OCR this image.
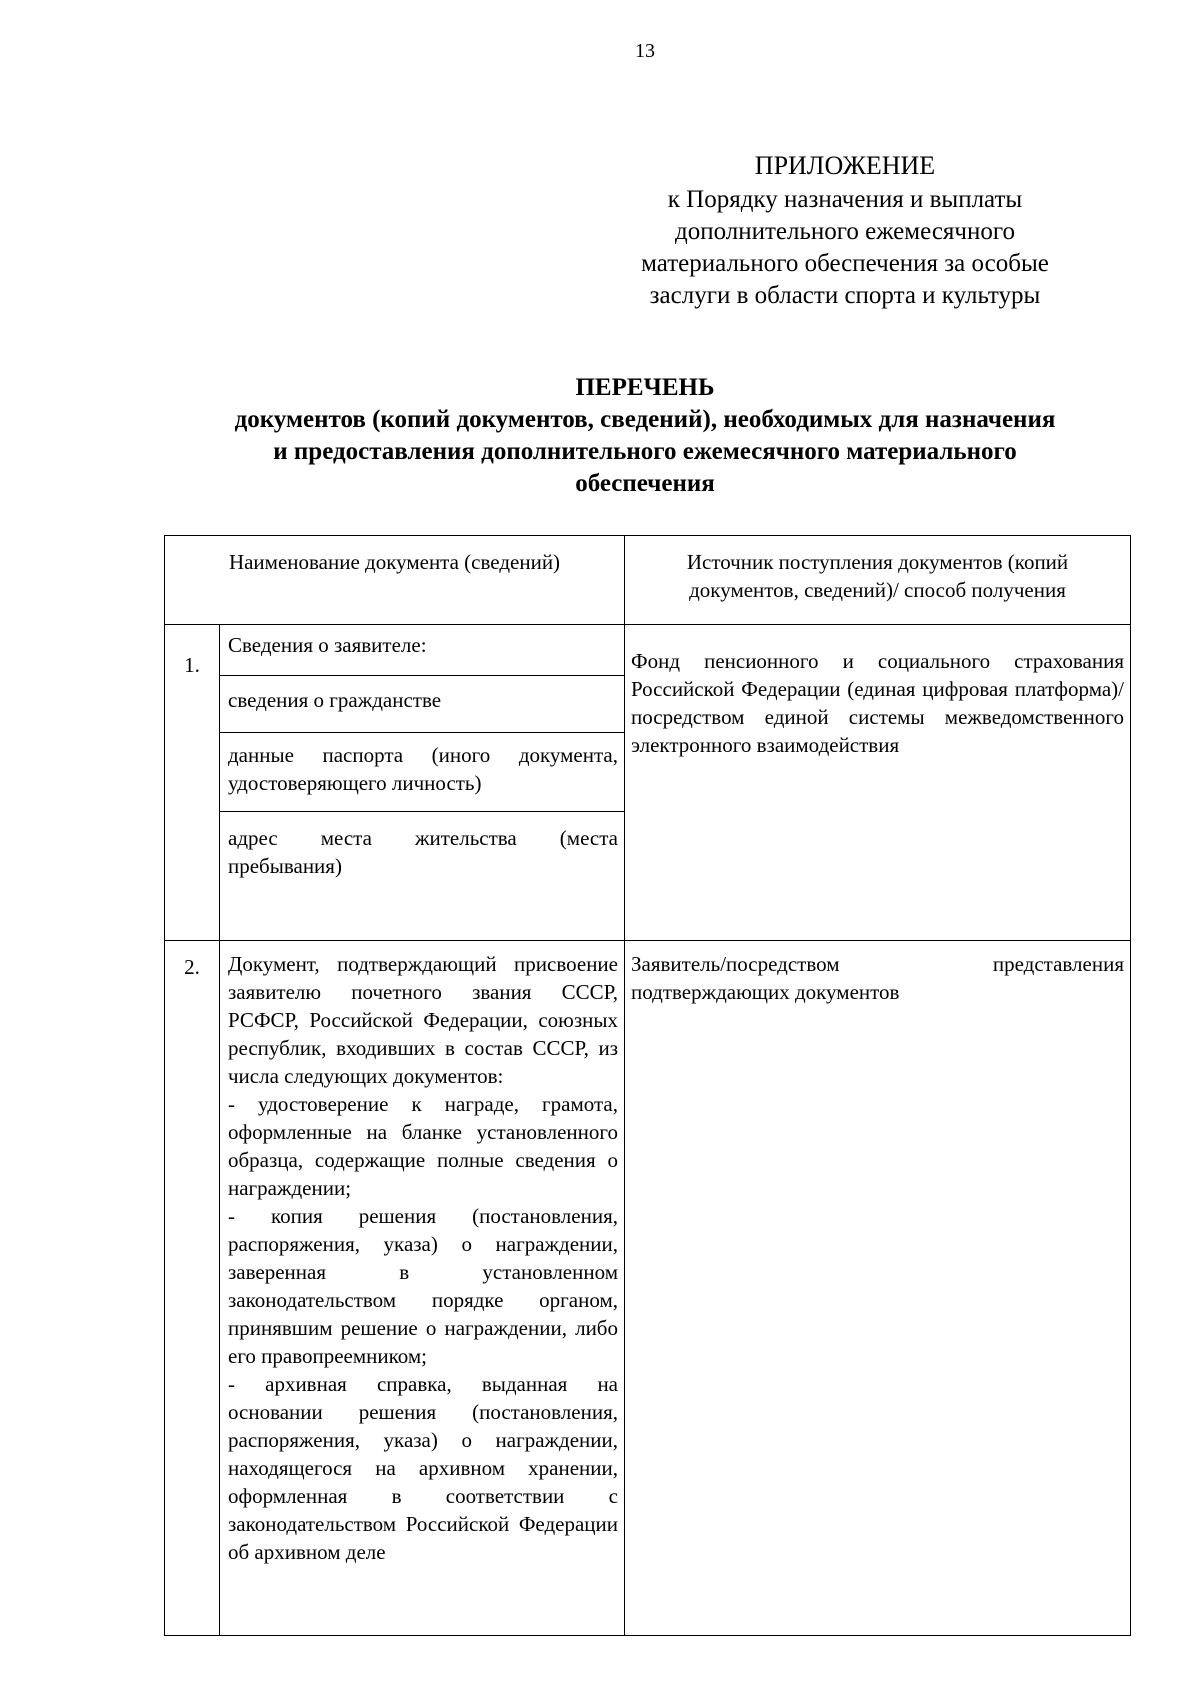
13
ПРИЛОЖЕНИЕ
к Порядку назначения и выплаты
дополнительного ежемесячного
материального обеспечения за особые
заслуги в области спорта и культуры
ПЕРЕЧЕНЬ
документов (копий документов, сведений), необходимых для назначения
и предоставления дополнительного ежемесячного материального
обеспечения
Наименование документа (сведений)		Источник поступления документов (копий документов, сведений)/ способ получения
1.	Сведения о заявителе:
сведения о гражданстве
данные паспорта (иного документа, удостоверяющего личность)
адрес места жительства (места пребывания)	Фонд пенсионного и социального страхования Российской Федерации (единая цифровая платформа)/посредством единой системы межведомственного электронного взаимодействия

2.	Документ, подтверждающий присвоение заявителю почетного звания СССР, РСФСР, Российской Федерации, союзных республик, входивших в состав СССР, из числа следующих документов:
- удостоверение к награде, грамота, оформленные на бланке установленного образца, содержащие полные сведения о награждении;
- копия решения (постановления, распоряжения, указа) о награждении, заверенная в установленном законодательством порядке органом, принявшим решение о награждении, либо его правопреемником;
- архивная справка, выданная на основании решения (постановления, распоряжения, указа) о награждении, находящегося на архивном хранении, оформленная в соответствии с законодательством Российской Федерации об архивном деле	Заявитель/посредством представления подтверждающих документов
